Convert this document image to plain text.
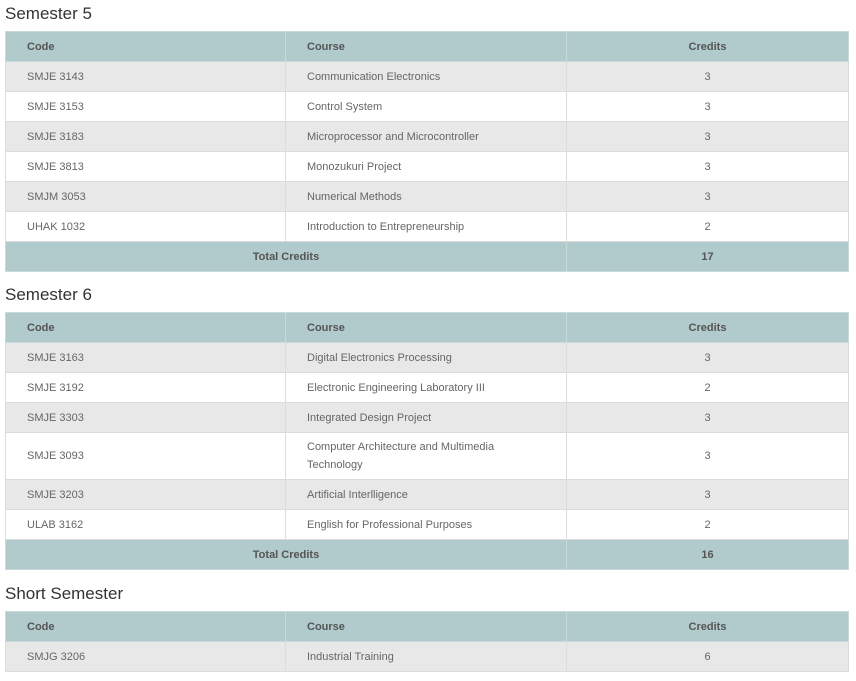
Semester 5
Code	Course	Credits
SMJE 3143	Communication Electronics	3
SMJE 3153	Control System	3
SMJE 3183	Microprocessor and Microcontroller	3
SMJE 3813	Monozukuri Project	3
SMJM 3053	Numerical Methods	3
UHAK 1032	Introduction to Entrepreneurship	2
Total Credits		17
Semester 6
Code	Course	Credits
SMJE 3163	Digital Electronics Processing	3
SMJE 3192	Electronic Engineering Laboratory III	2
SMJE 3303	Integrated Design Project	3
SMJE 3093	Computer Architecture and Multimedia Technology	3
SMJE 3203	Artificial Interlligence	3
ULAB 3162	English for Professional Purposes	2
Total Credits		16
Short Semester
Code	Course	Credits
SMJG 3206	Industrial Training	6
